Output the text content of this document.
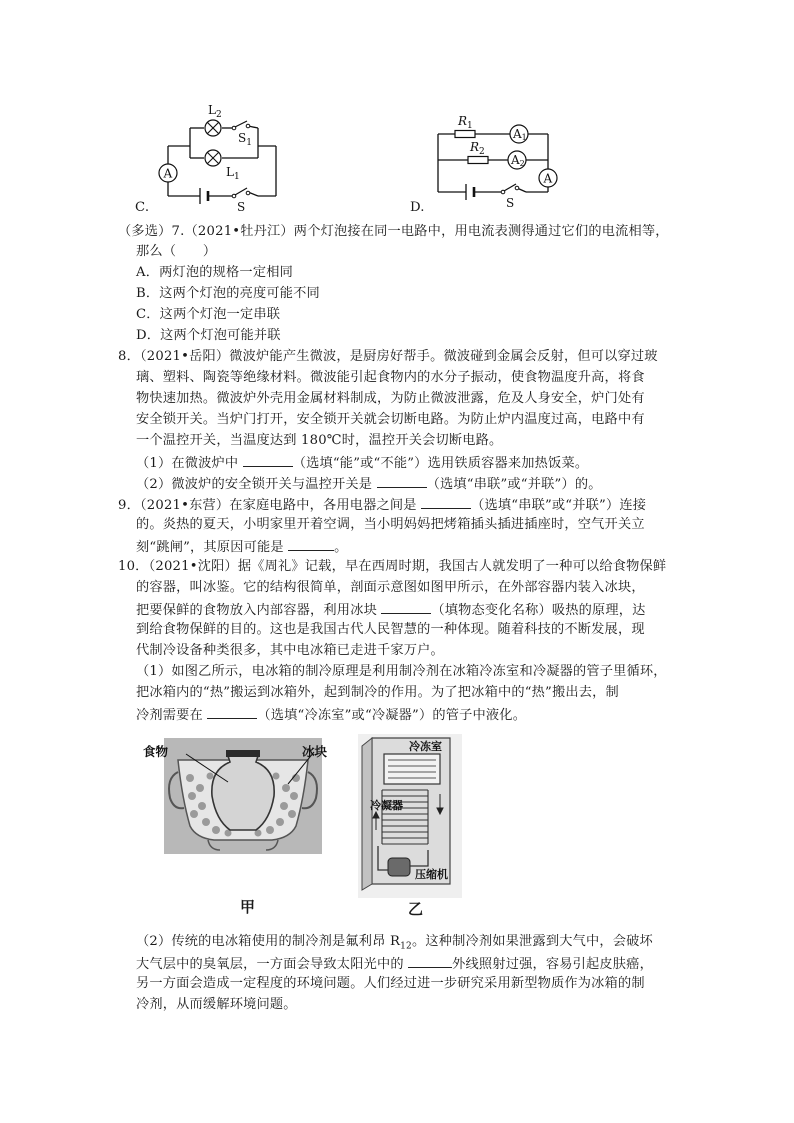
$L_2$
$S_1$
$L_1$
A
S
C.
$R_1$
$R_2$
A1
A2
A
S
D.
（多选）7.（2021•牡丹江）两个灯泡接在同一电路中，用电流表测得通过它们的电流相等，
那么（　　）
A．两灯泡的规格一定相同
B．这两个灯泡的亮度可能不同
C．这两个灯泡一定串联
D．这两个灯泡可能并联
8．（2021•岳阳）微波炉能产生微波，是厨房好帮手。微波碰到金属会反射，但可以穿过玻
璃、塑料、陶瓷等绝缘材料。微波能引起食物内的水分子振动，使食物温度升高，将食
物快速加热。微波炉外壳用金属材料制成，为防止微波泄露，危及人身安全，炉门处有
安全锁开关。当炉门打开，安全锁开关就会切断电路。为防止炉内温度过高，电路中有
一个温控开关，当温度达到 180℃时，温控开关会切断电路。
（1）在微波炉中	（选填“能”或“不能”）选用铁质容器来加热饭菜。
（2）微波炉的安全锁开关与温控开关是	（选填“串联”或“并联”）的。
9．（2021•东营）在家庭电路中，各用电器之间是	（选填“串联”或“并联”）连接
的。炎热的夏天，小明家里开着空调，当小明妈妈把烤箱插头插进插座时，空气开关立
刻“跳闸”，其原因可能是	。
10．（2021•沈阳）据《周礼》记载，早在西周时期，我国古人就发明了一种可以给食物保鲜
的容器，叫冰鉴。它的结构很简单，剖面示意图如图甲所示，在外部容器内装入冰块，
把要保鲜的食物放入内部容器，利用冰块	（填物态变化名称）吸热的原理，达
到给食物保鲜的目的。这也是我国古代人民智慧的一种体现。随着科技的不断发展，现
代制冷设备种类很多，其中电冰箱已走进千家万户。
（1）如图乙所示，电冰箱的制冷原理是利用制冷剂在冰箱冷冻室和冷凝器的管子里循环，
把冰箱内的“热”搬运到冰箱外，起到制冷的作用。为了把冰箱中的“热”搬出去，制
冷剂需要在	（选填“冷冻室”或“冷凝器”）的管子中液化。
食物	冰块
甲
冷冻室
冷凝器
压缩机
乙
（2）传统的电冰箱使用的制冷剂是氟利昂 $R_{12}$。这种制冷剂如果泄露到大气中，会破坏
大气层中的臭氧层，一方面会导致太阳光中的	外线照射过强，容易引起皮肤癌，
另一方面会造成一定程度的环境问题。人们经过进一步研究采用新型物质作为冰箱的制
冷剂，从而缓解环境问题。
